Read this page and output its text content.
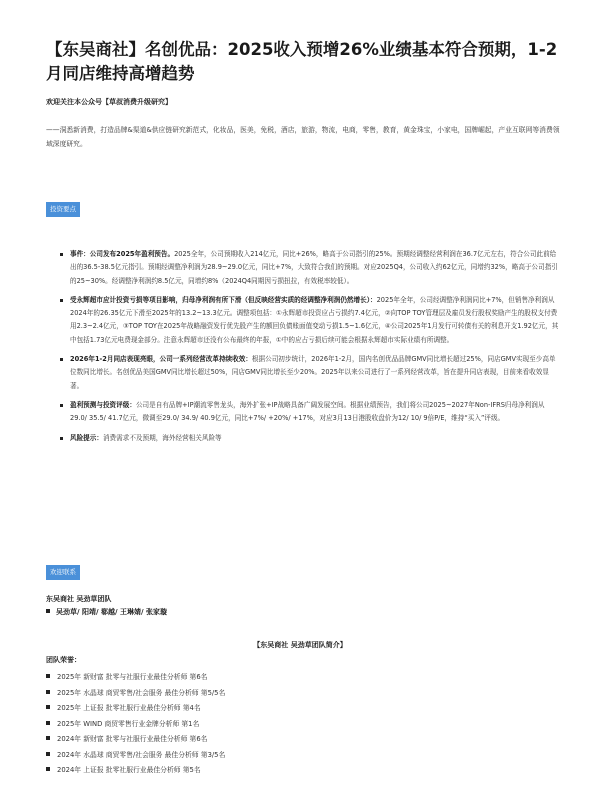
【东吴商社】名创优品：2025收入预增26%业绩基本符合预期，1-2月同店维持高增趋势
欢迎关注本公众号【草叔消费升级研究】
——洞悉新消费，打造品牌&渠道&供应链研究新范式，化妆品，医美，免税，酒店，旅游，物流，电商，零售，教育，黄金珠宝，小家电，国牌崛起，产业互联网等消费领域深度研究。
投资要点
事件：公司发布2025年盈利预告。2025全年，公司预期收入214亿元，同比+26%，略高于公司指引的25%。预期经调整经营利润在36.7亿元左右，符合公司此前给出的36.5-38.5亿元指引。预期经调整净利润为28.9~29.0亿元，同比+7%，大致符合我们的预期。对应2025Q4，公司收入约62亿元，同增约32%，略高于公司指引的25~30%。经调整净利润约8.5亿元，同增约8%（2024Q4同期因亏损扭拉，有效税率较低）。
受永辉超市应计投资亏损等项目影响，归母净利润有所下滑（但反映经营实质的经调整净利润仍然增长）：2025年全年，公司经调整净利润同比+7%，但销售净利润从2024年的26.35亿元下滑至2025年的13.2~13.3亿元。调整项包括：①永辉超市投资应占亏损约7.4亿元，②向TOP TOY管理层及雇员发行股权奖励产生的股权支付费用2.3~2.4亿元，③TOP TOY在2025年战略融资发行优先股产生的额回负债账面值变动亏损1.5~1.6亿元，④公司2025年1月发行可转债有关的利息开支1.92亿元，其中包括1.73亿元电费现金部分。注意永辉超市还没有公布最终的年报，①中的应占亏损后续可能会根据永辉超市实际业绩有所调整。
2026年1-2月同店表现亮眼，公司一系列经营改革持续收效：根据公司初步统计，2026年1-2月，国内名创优品品牌GMV同比增长超过25%，同店GMV实现至少高单位数同比增长。名创优品美国GMV同比增长超过50%，同店GMV同比增长至少20%。2025年以来公司进行了一系列经营改革，旨在提升同店表现，目前来看收效显著。
盈利预测与投资评级：公司是自有品牌+IP潮流零售龙头，海外扩张+IP战略具备广阔发展空间。根据业绩预告，我们将公司2025~2027年Non-IFRS归母净利润从29.0/ 35.5/ 41.7亿元，微调至29.0/ 34.9/ 40.9亿元，同比+7%/ +20%/ +17%，对应3月13日港股收盘价为12/ 10/ 9倍P/E，维持“买入”评级。
风险提示：消费需求不及预期，海外经营相关风险等
欢迎联系
东吴商社 吴劲草团队
吴劲草/ 阳靖/ 郗越/ 王琳婧/ 张家璇
【东吴商社 吴劲草团队简介】
团队荣誉：
2025年 新财富 批零与社服行业最佳分析师 第6名
2025年 水晶球 商贸零售/社会服务 最佳分析师 第5/5名
2025年 上证报 批零社服行业最佳分析师 第4名
2025年 WIND 商贸零售行业金牌分析师 第1名
2024年 新财富 批零与社服行业最佳分析师 第6名
2024年 水晶球 商贸零售/社会服务 最佳分析师 第3/5名
2024年 上证报 批零社服行业最佳分析师 第5名
